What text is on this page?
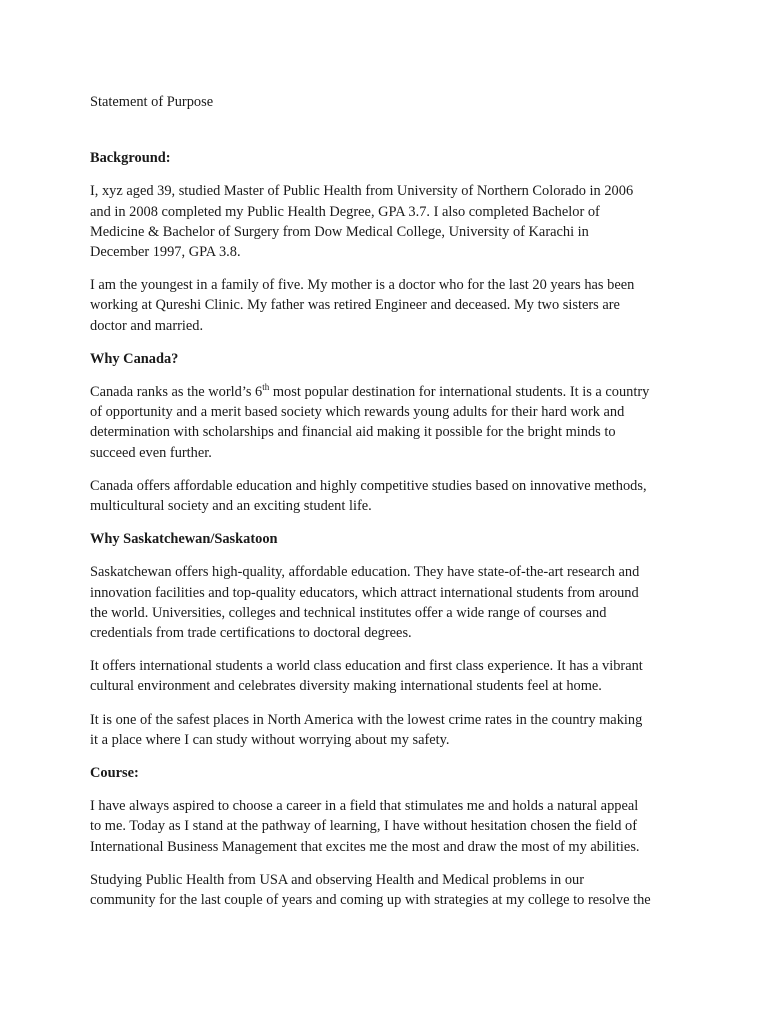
Statement of Purpose

Background:

I, xyz aged 39, studied Master of Public Health from University of Northern Colorado in 2006
and in 2008 completed my Public Health Degree, GPA 3.7. I also completed Bachelor of
Medicine & Bachelor of Surgery from Dow Medical College, University of Karachi in
December 1997, GPA 3.8.

I am the youngest in a family of five. My mother is a doctor who for the last 20 years has been
working at Qureshi Clinic. My father was retired Engineer and deceased. My two sisters are
doctor and married.

Why Canada?

Canada ranks as the world’s 6th most popular destination for international students. It is a country
of opportunity and a merit based society which rewards young adults for their hard work and
determination with scholarships and financial aid making it possible for the bright minds to
succeed even further.

Canada offers affordable education and highly competitive studies based on innovative methods,
multicultural society and an exciting student life.

Why Saskatchewan/Saskatoon

Saskatchewan offers high-quality, affordable education. They have state-of-the-art research and
innovation facilities and top-quality educators, which attract international students from around
the world. Universities, colleges and technical institutes offer a wide range of courses and
credentials from trade certifications to doctoral degrees.

It offers international students a world class education and first class experience. It has a vibrant
cultural environment and celebrates diversity making international students feel at home.

It is one of the safest places in North America with the lowest crime rates in the country making
it a place where I can study without worrying about my safety.

Course:

I have always aspired to choose a career in a field that stimulates me and holds a natural appeal
to me. Today as I stand at the pathway of learning, I have without hesitation chosen the field of
International Business Management that excites me the most and draw the most of my abilities.

Studying Public Health from USA and observing Health and Medical problems in our
community for the last couple of years and coming up with strategies at my college to resolve the
